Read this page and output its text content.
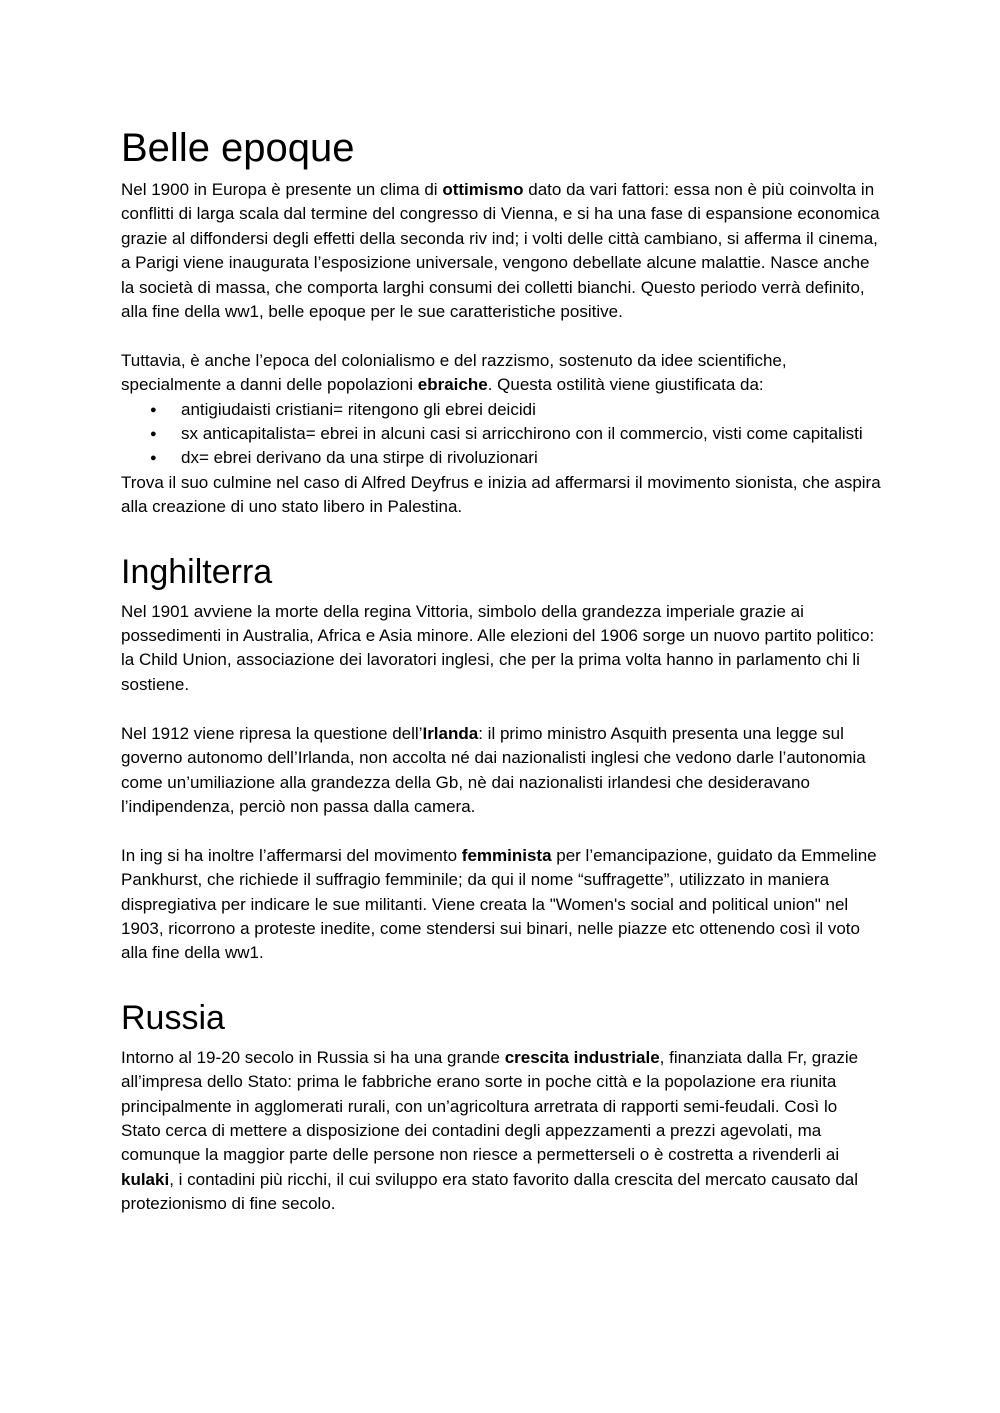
Belle epoque

Nel 1900 in Europa è presente un clima di ottimismo dato da vari fattori: essa non è più coinvolta in conflitti di larga scala dal termine del congresso di Vienna, e si ha una fase di espansione economica grazie al diffondersi degli effetti della seconda riv ind; i volti delle città cambiano, si afferma il cinema, a Parigi viene inaugurata l’esposizione universale, vengono debellate alcune malattie. Nasce anche la società di massa, che comporta larghi consumi dei colletti bianchi. Questo periodo verrà definito, alla fine della ww1, belle epoque per le sue caratteristiche positive.

Tuttavia, è anche l’epoca del colonialismo e del razzismo, sostenuto da idee scientifiche, specialmente a danni delle popolazioni ebraiche. Questa ostilità viene giustificata da:

● antigiudaisti cristiani= ritengono gli ebrei deicidi
● sx anticapitalista= ebrei in alcuni casi si arricchirono con il commercio, visti come capitalisti
● dx= ebrei derivano da una stirpe di rivoluzionari

Trova il suo culmine nel caso di Alfred Deyfrus e inizia ad affermarsi il movimento sionista, che aspira alla creazione di uno stato libero in Palestina.

Inghilterra

Nel 1901 avviene la morte della regina Vittoria, simbolo della grandezza imperiale grazie ai possedimenti in Australia, Africa e Asia minore. Alle elezioni del 1906 sorge un nuovo partito politico: la Child Union, associazione dei lavoratori inglesi, che per la prima volta hanno in parlamento chi li sostiene.

Nel 1912 viene ripresa la questione dell’Irlanda: il primo ministro Asquith presenta una legge sul governo autonomo dell’Irlanda, non accolta né dai nazionalisti inglesi che vedono darle l’autonomia come un’umiliazione alla grandezza della Gb, nè dai nazionalisti irlandesi che desideravano l’indipendenza, perciò non passa dalla camera.

In ing si ha inoltre l’affermarsi del movimento femminista per l’emancipazione, guidato da Emmeline Pankhurst, che richiede il suffragio femminile; da qui il nome “suffragette”, utilizzato in maniera dispregiativa per indicare le sue militanti. Viene creata la "Women's social and political union" nel 1903, ricorrono a proteste inedite, come stendersi sui binari, nelle piazze etc ottenendo così il voto alla fine della ww1.

Russia

Intorno al 19-20 secolo in Russia si ha una grande crescita industriale, finanziata dalla Fr, grazie all’impresa dello Stato: prima le fabbriche erano sorte in poche città e la popolazione era riunita principalmente in agglomerati rurali, con un’agricoltura arretrata di rapporti semi-feudali. Così lo Stato cerca di mettere a disposizione dei contadini degli appezzamenti a prezzi agevolati, ma comunque la maggior parte delle persone non riesce a permetterseli o è costretta a rivenderli ai kulaki, i contadini più ricchi, il cui sviluppo era stato favorito dalla crescita del mercato causato dal protezionismo di fine secolo.
